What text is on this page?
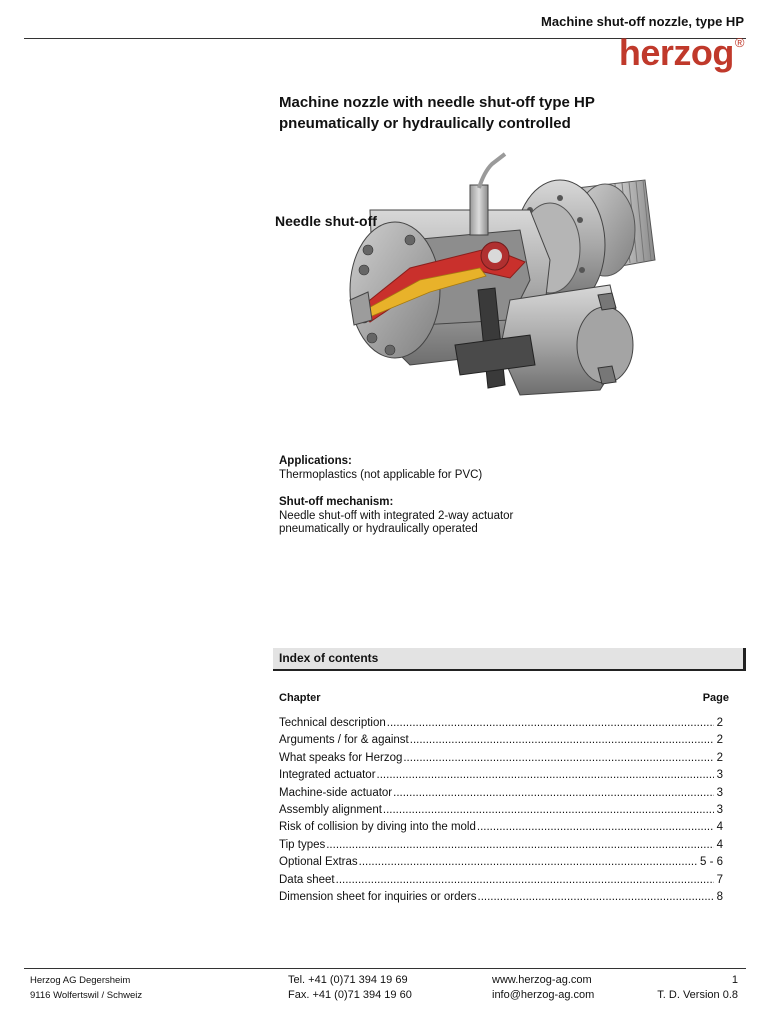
Machine shut-off nozzle, type HP
herzog®
Machine nozzle with needle shut-off type HP
pneumatically or hydraulically controlled
Needle shut-off
Applications:
Thermoplastics (not applicable for PVC)
Shut-off mechanism:
Needle shut-off with integrated 2-way actuator
pneumatically or hydraulically operated
Index of contents
Chapter	Page
Technical description .....	2
Arguments / for & against .....	2
What speaks for Herzog .....	2
Integrated actuator .....	3
Machine-side actuator .....	3
Assembly alignment .....	3
Risk of collision by diving into the mold .....	4
Tip types .....	4
Optional Extras .....	5 - 6
Data sheet .....	7
Dimension sheet for inquiries or orders .....	8
Herzog AG Degersheim
9116 Wolfertswil / Schweiz
Tel. +41 (0)71 394 19 69
Fax. +41 (0)71 394 19 60
www.herzog-ag.com
info@herzog-ag.com
1
T. D. Version 0.8
